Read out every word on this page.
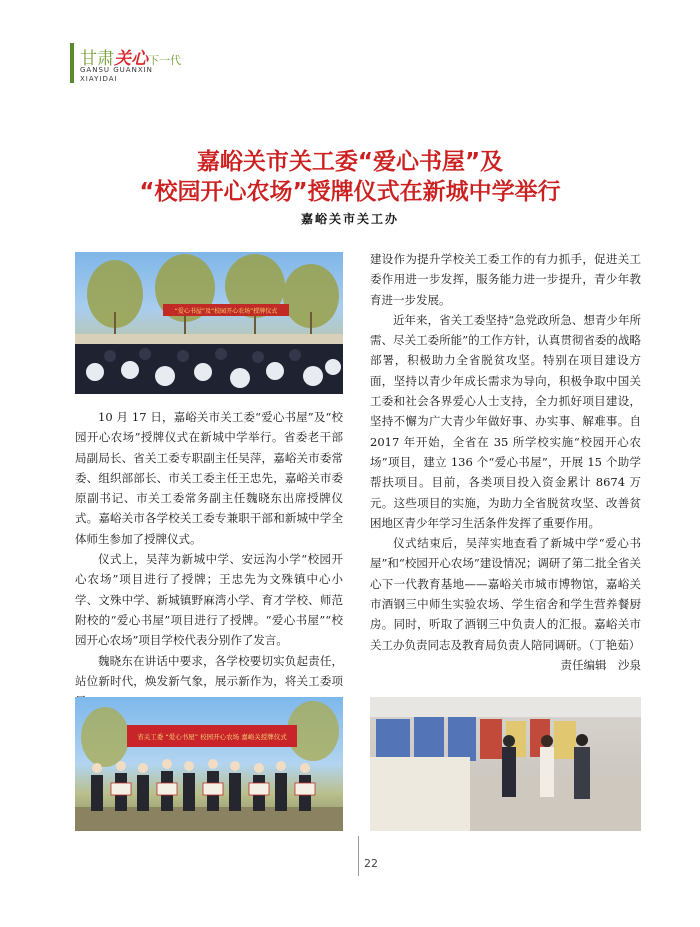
甘肃关心下一代
GANSU GUANXIN
XIAYIDAI
嘉峪关市关工委“爱心书屋”及
“校园开心农场”授牌仪式在新城中学举行
嘉峪关市关工办
“爱心书屋”及“校园开心农场”授牌仪式

10 月 17 日，嘉峪关市关工委“爱心书屋”及“校园开心农场”授牌仪式在新城中学举行。省委老干部局副局长、省关工委专职副主任吴萍，嘉峪关市委常委、组织部部长、市关工委主任王忠先，嘉峪关市委原副书记、市关工委常务副主任魏晓东出席授牌仪式。嘉峪关市各学校关工委专兼职干部和新城中学全体师生参加了授牌仪式。

仪式上，吴萍为新城中学、安远沟小学“校园开心农场”项目进行了授牌；王忠先为文殊镇中心小学、文殊中学、新城镇野麻湾小学、育才学校、师范附校的“爱心书屋”项目进行了授牌。“爱心书屋”“校园开心农场”项目学校代表分别作了发言。

魏晓东在讲话中要求，各学校要切实负起责任，站位新时代，焕发新气象，展示新作为，将关工委项

建设作为提升学校关工委工作的有力抓手，促进关工委作用进一步发挥，服务能力进一步提升，青少年教育进一步发展。

近年来，省关工委坚持“急党政所急、想青少年所需、尽关工委所能”的工作方针，认真贯彻省委的战略部署，积极助力全省脱贫攻坚。特别在项目建设方面，坚持以青少年成长需求为导向，积极争取中国关工委和社会各界爱心人士支持，全力抓好项目建设，坚持不懈为广大青少年做好事、办实事、解难事。自 2017 年开始，全省在 35 所学校实施“校园开心农场”项目，建立 136 个“爱心书屋”，开展 15 个助学帮扶项目。目前，各类项目投入资金累计 8674 万元。这些项目的实施，为助力全省脱贫攻坚、改善贫困地区青少年学习生活条件发挥了重要作用。

仪式结束后，吴萍实地查看了新城中学“爱心书屋”和“校园开心农场”建设情况；调研了第二批全省关心下一代教育基地——嘉峪关市城市博物馆，嘉峪关市酒钢三中师生实验农场、学生宿舍和学生营养餐厨房。同时，听取了酒钢三中负责人的汇报。嘉峪关市关工办负责同志及教育局负责人陪同调研。（丁艳茹）

责任编辑　沙泉

省关工委 “爱心书屋” 校园开心农场 嘉峪关授牌仪式
22
